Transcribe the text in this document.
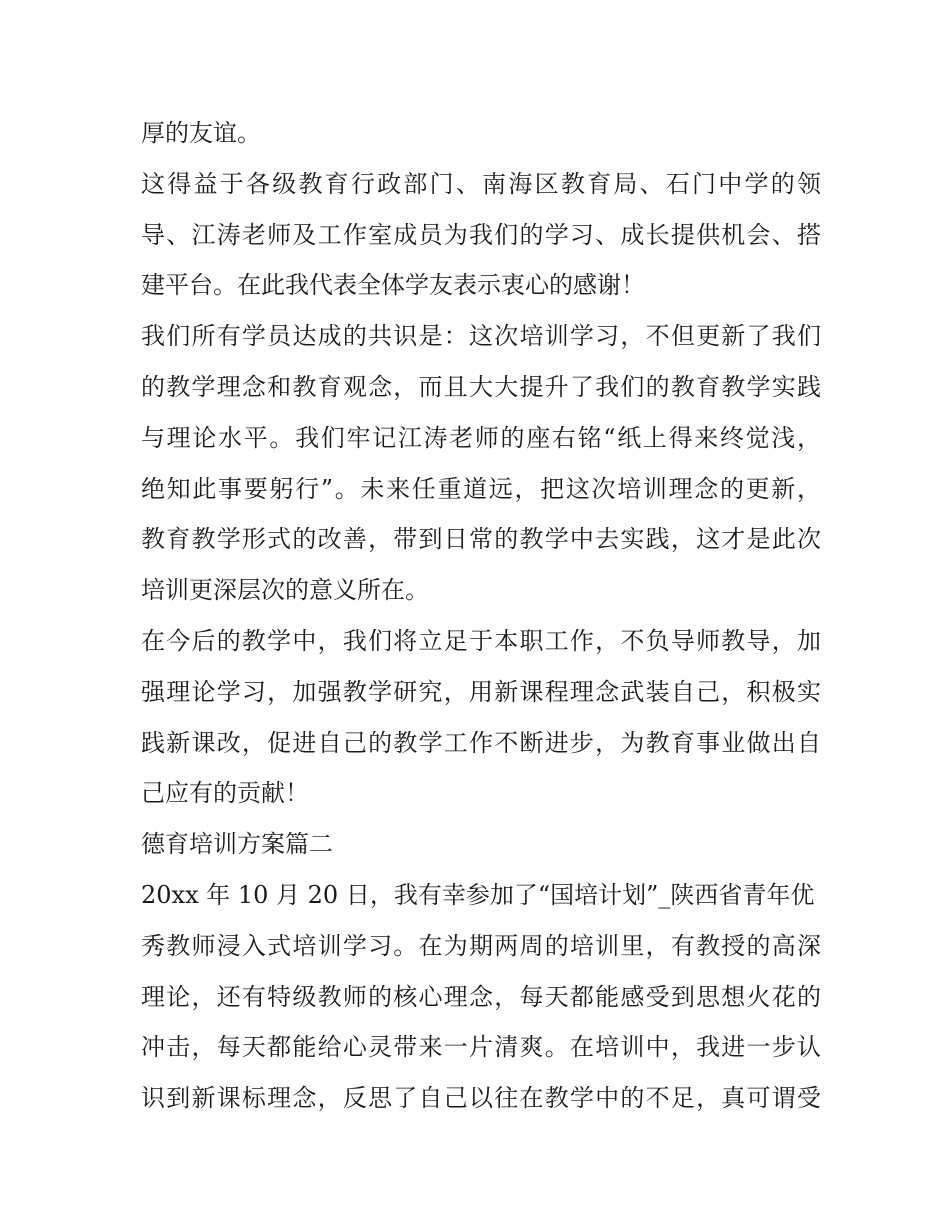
厚的友谊。
这得益于各级教育行政部门、南海区教育局、石门中学的领
导、江涛老师及工作室成员为我们的学习、成长提供机会、搭
建平台。在此我代表全体学友表示衷心的感谢！
我们所有学员达成的共识是：这次培训学习，不但更新了我们
的教学理念和教育观念，而且大大提升了我们的教育教学实践
与理论水平。我们牢记江涛老师的座右铭“纸上得来终觉浅，
绝知此事要躬行”。未来任重道远，把这次培训理念的更新，
教育教学形式的改善，带到日常的教学中去实践，这才是此次
培训更深层次的意义所在。
在今后的教学中，我们将立足于本职工作，不负导师教导，加
强理论学习，加强教学研究，用新课程理念武装自己，积极实
践新课改，促进自己的教学工作不断进步，为教育事业做出自
己应有的贡献！
德育培训方案篇二
20xx 年 10 月 20 日，我有幸参加了“国培计划”_陕西省青年优
秀教师浸入式培训学习。在为期两周的培训里，有教授的高深
理论，还有特级教师的核心理念，每天都能感受到思想火花的
冲击，每天都能给心灵带来一片清爽。在培训中，我进一步认
识到新课标理念，反思了自己以往在教学中的不足，真可谓受
